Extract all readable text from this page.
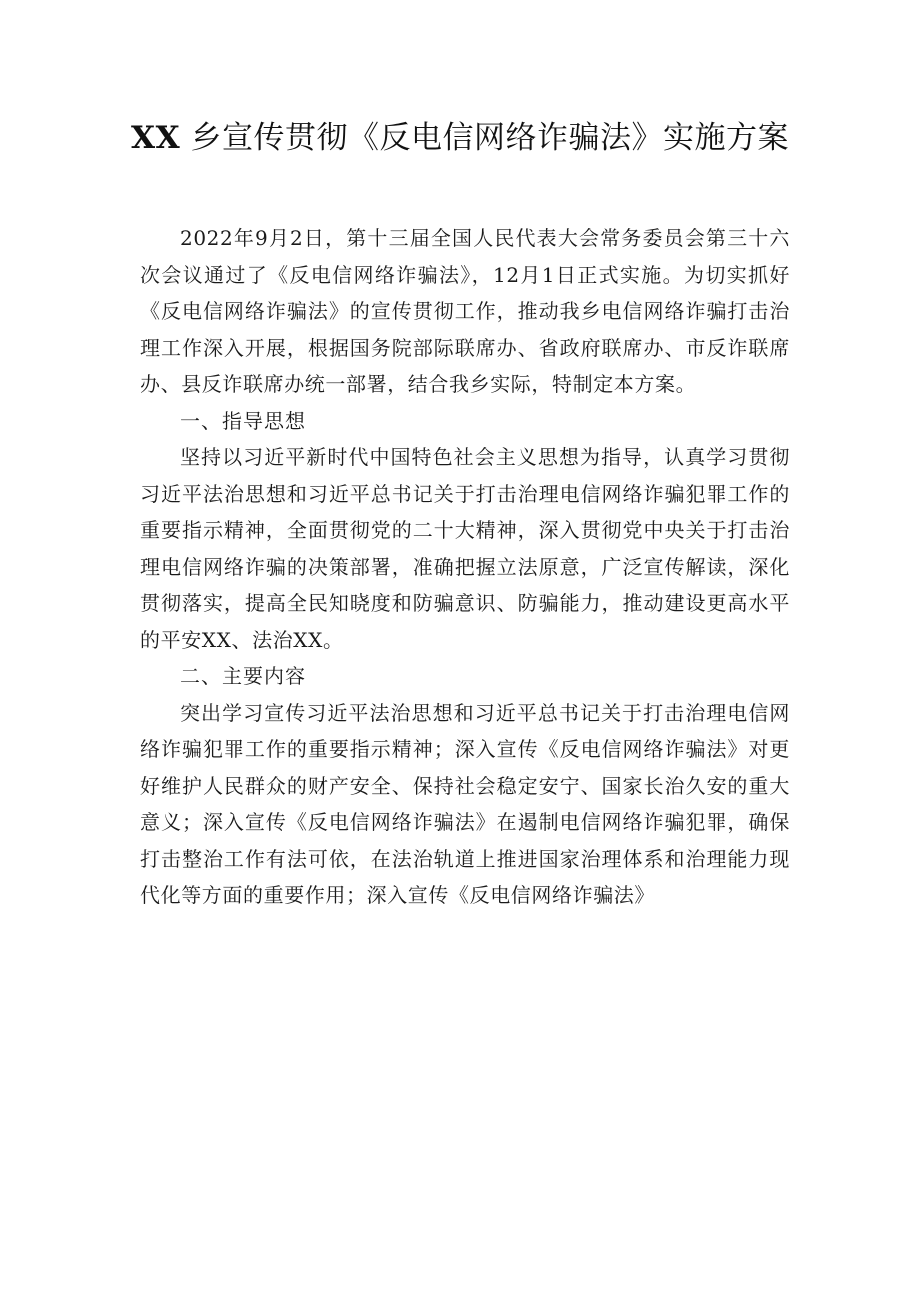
XX 乡宣传贯彻《反电信网络诈骗法》实施方案

2022年9月2日，第十三届全国人民代表大会常务委员会第三十六次会议通过了《反电信网络诈骗法》，12月1日正式实施。为切实抓好《反电信网络诈骗法》的宣传贯彻工作，推动我乡电信网络诈骗打击治理工作深入开展，根据国务院部际联席办、省政府联席办、市反诈联席办、县反诈联席办统一部署，结合我乡实际，特制定本方案。

一、指导思想

坚持以习近平新时代中国特色社会主义思想为指导，认真学习贯彻习近平法治思想和习近平总书记关于打击治理电信网络诈骗犯罪工作的重要指示精神，全面贯彻党的二十大精神，深入贯彻党中央关于打击治理电信网络诈骗的决策部署，准确把握立法原意，广泛宣传解读，深化贯彻落实，提高全民知晓度和防骗意识、防骗能力，推动建设更高水平的平安XX、法治XX。

二、主要内容

突出学习宣传习近平法治思想和习近平总书记关于打击治理电信网络诈骗犯罪工作的重要指示精神；深入宣传《反电信网络诈骗法》对更好维护人民群众的财产安全、保持社会稳定安宁、国家长治久安的重大意义；深入宣传《反电信网络诈骗法》在遏制电信网络诈骗犯罪，确保打击整治工作有法可依，在法治轨道上推进国家治理体系和治理能力现代化等方面的重要作用；深入宣传《反电信网络诈骗法》
